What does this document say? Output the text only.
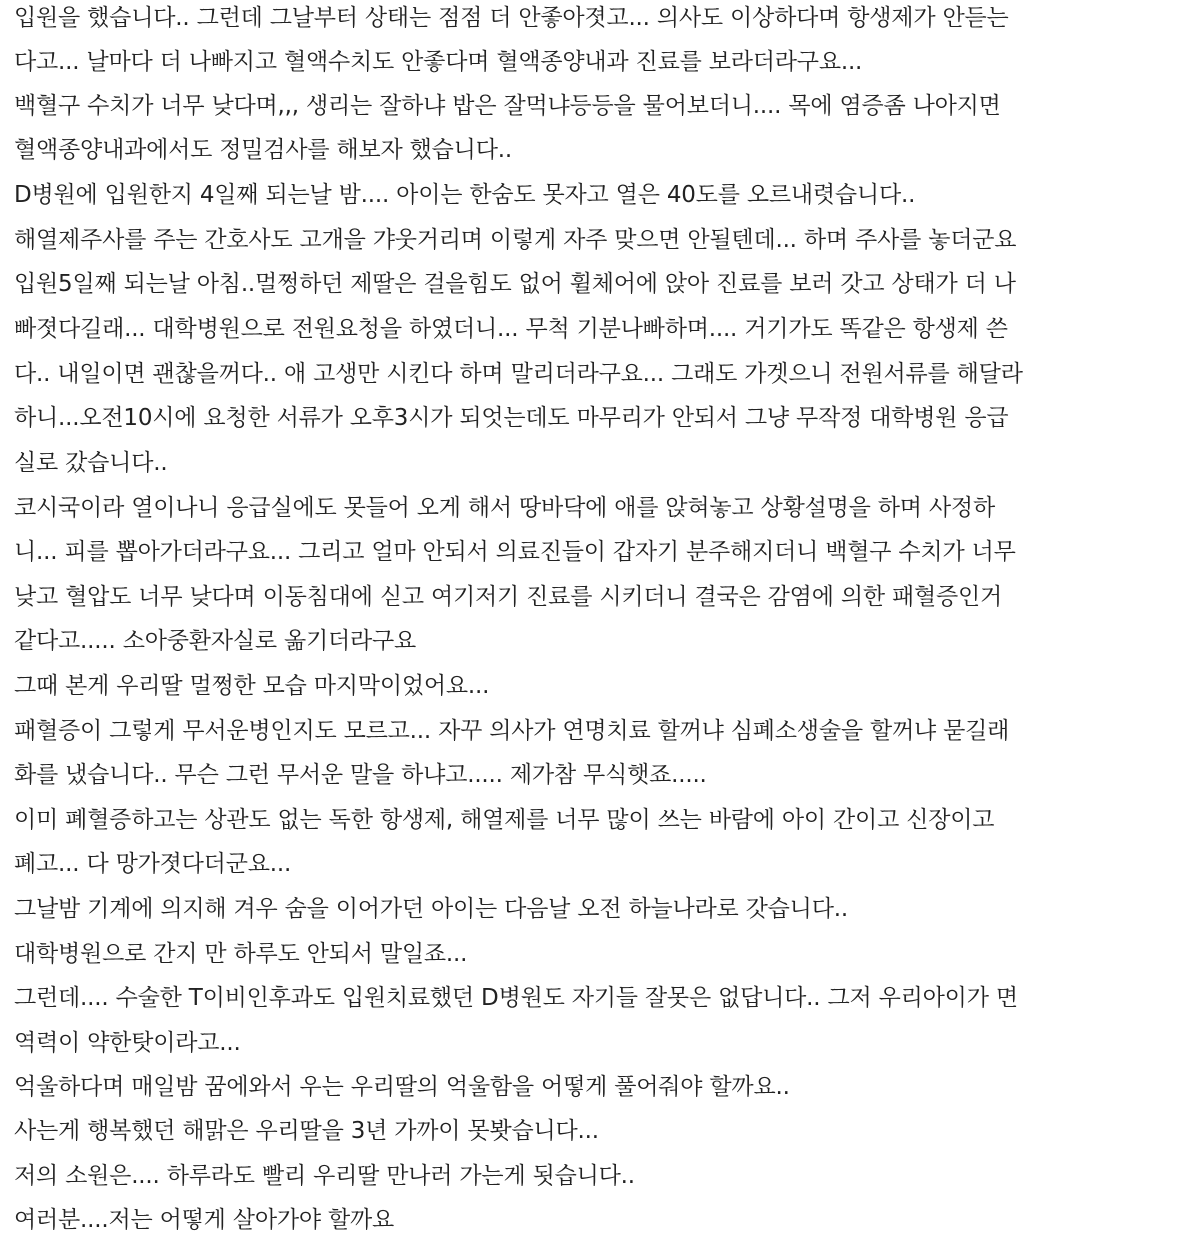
입원을 했습니다.. 그런데 그날부터 상태는 점점 더 안좋아졋고... 의사도 이상하다며 항생제가 안듣는

다고... 날마다 더 나빠지고 혈액수치도 안좋다며 혈액종양내과 진료를 보라더라구요...

백혈구 수치가 너무 낮다며,,, 생리는 잘하냐 밥은 잘먹냐등등을 물어보더니.... 목에 염증좀 나아지면

혈액종양내과에서도 정밀검사를 해보자 했습니다..

D병원에 입원한지 4일째 되는날 밤.... 아이는 한숨도 못자고 열은 40도를 오르내렷습니다..

해열제주사를 주는 간호사도 고개을 갸웃거리며 이렇게 자주 맞으면 안될텐데... 하며 주사를 놓더군요

입원5일째 되는날 아침..멀쩡하던 제딸은 걸을힘도 없어 휠체어에 앉아 진료를 보러 갓고 상태가 더 나

빠졋다길래... 대학병원으로 전원요청을 하였더니... 무척 기분나빠하며.... 거기가도 똑같은 항생제 쓴

다.. 내일이면 괜찮을꺼다.. 애 고생만 시킨다 하며 말리더라구요... 그래도 가겟으니 전원서류를 해달라

하니...오전10시에 요청한 서류가 오후3시가 되엇는데도 마무리가 안되서 그냥 무작정 대학병원 응급

실로 갔습니다..

코시국이라 열이나니 응급실에도 못들어 오게 해서 땅바닥에 애를 앉혀놓고 상황설명을 하며 사정하

니... 피를 뽑아가더라구요... 그리고 얼마 안되서 의료진들이 갑자기 분주해지더니 백혈구 수치가 너무

낮고 혈압도 너무 낮다며 이동침대에 싣고 여기저기 진료를 시키더니 결국은 감염에 의한 패혈증인거

같다고..... 소아중환자실로 옮기더라구요

그때 본게 우리딸 멀쩡한 모습 마지막이었어요...

패혈증이 그렇게 무서운병인지도 모르고... 자꾸 의사가 연명치료 할꺼냐 심폐소생술을 할꺼냐 묻길래

화를 냈습니다.. 무슨 그런 무서운 말을 하냐고..... 제가참 무식햇죠.....

이미 폐혈증하고는 상관도 없는 독한 항생제, 해열제를 너무 많이 쓰는 바람에 아이 간이고 신장이고

폐고... 다 망가졋다더군요...

그날밤 기계에 의지해 겨우 숨을 이어가던 아이는 다음날 오전 하늘나라로 갓습니다..

대학병원으로 간지 만 하루도 안되서 말일죠...

그런데.... 수술한 T이비인후과도 입원치료했던 D병원도 자기들 잘못은 없답니다.. 그저 우리아이가 면

역력이 약한탓이라고...

억울하다며 매일밤 꿈에와서 우는 우리딸의 억울함을 어떻게 풀어줘야 할까요..

사는게 행복했던 해맑은 우리딸을 3년 가까이 못봣습니다...

저의 소원은.... 하루라도 빨리 우리딸 만나러 가는게 됫습니다..

여러분....저는 어떻게 살아가야 할까요
